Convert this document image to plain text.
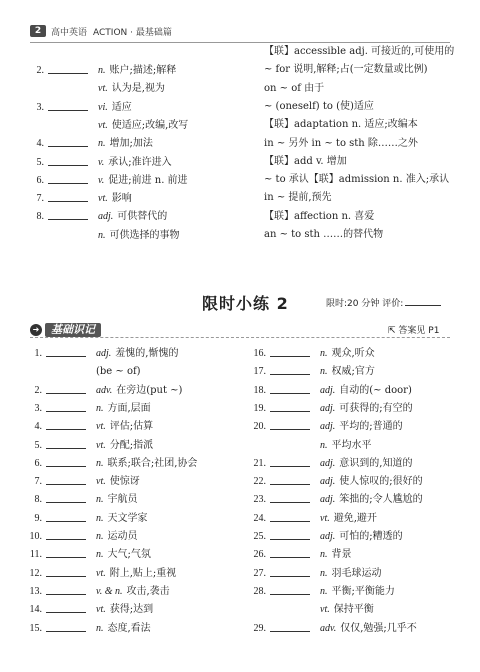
2	高中英语 ACTION · 最基础篇
2.	n. 账户;描述;解释
vt. 认为是,视为
3.	vi. 适应
vt. 使适应;改编,改写
4.	n. 增加;加法
5.	v. 承认;准许进入
6.	v. 促进;前进 n. 前进
7.	vt. 影响
8.	adj. 可供替代的
n. 可供选择的事物
【联】accessible adj. 可接近的,可使用的
~ for 说明,解释;占(一定数量或比例)
on ~ of 由于
~ (oneself) to (使)适应
【联】adaptation n. 适应;改编本
in ~ 另外 in ~ to sth 除……之外
【联】add v. 增加
~ to 承认【联】admission n. 准入;承认
in ~ 提前,预先
【联】affection n. 喜爱
an ~ to sth ……的替代物
限时小练 2	限时:20 分钟 评价:
➜	基础识记	⇱ 答案见 P1
1.	adj. 羞愧的,惭愧的
(be ~ of)
2.	adv. 在旁边(put ~)
3.	n. 方面,层面
4.	vt. 评估;估算
5.	vt. 分配;指派
6.	n. 联系;联合;社团,协会
7.	vt. 使惊讶
8.	n. 宇航员
9.	n. 天文学家
10.	n. 运动员
11.	n. 大气;气氛
12.	vt. 附上,贴上;重视
13.	v. & n. 攻击,袭击
14.	vt. 获得;达到
15.	n. 态度,看法
16.	n. 观众,听众
17.	n. 权威;官方
18.	adj. 自动的(~ door)
19.	adj. 可获得的;有空的
20.	adj. 平均的;普通的
n. 平均水平
21.	adj. 意识到的,知道的
22.	adj. 使人惊叹的;很好的
23.	adj. 笨拙的;令人尴尬的
24.	vt. 避免,避开
25.	adj. 可怕的;糟透的
26.	n. 背景
27.	n. 羽毛球运动
28.	n. 平衡;平衡能力
vt. 保持平衡
29.	adv. 仅仅,勉强;几乎不
